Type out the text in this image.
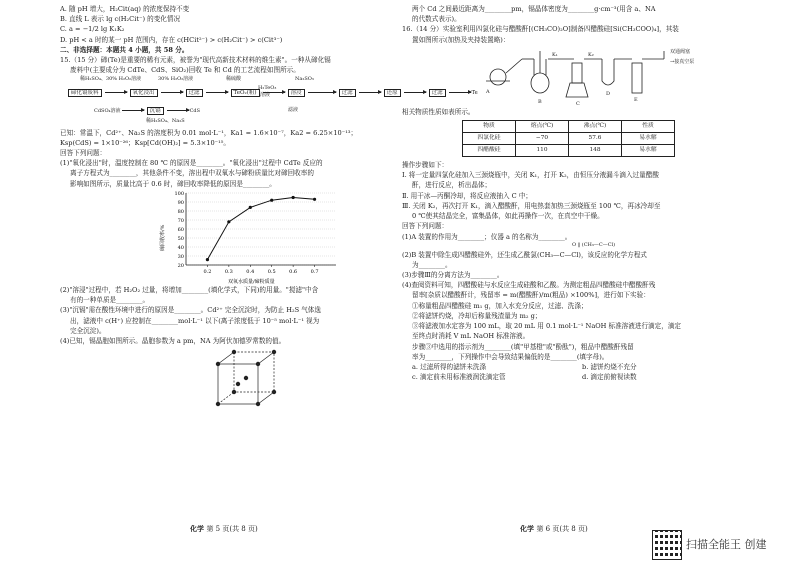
A. 随 pH 增大，H₂Cit(aq) 的浓度保持不变
B. 直线 L 表示 lg c(H₂Cit⁻) 的变化情况
C. a = −1/2 lg K₁K₂
D. pH < a 时的某一 pH 范围内，存在 c(HCit²⁻) > c(H₂Cit⁻) > c(Cit³⁻)
二、非选择题：本题共 4 小题，共 58 分。
15.（15 分）碲(Te)是重要的稀有元素，被誉为"现代高新技术材料的维生素"。一种从碲化镉
废料中(主要成分为 CdTe、CdS、SiO₂)回收 Te 和 Cd 的工艺流程如图所示。
稀H₂SO₄、30% H₂O₂溶液	30% H₂O₂溶液	稀硫酸	Na₂SO₃
H₂TeO₃
溶液
碲化镉废料	氧化浸出	过滤	TeO₂(粗)	溶浸	过滤	还原	过滤	Te
CdSO₄溶液	沉镉	CdS	滤液
稀H₂SO₄、Na₂S
已知：常温下，Cd²⁺、Na₂S 的溶度积为 0.01 mol·L⁻¹，Ka1 = 1.6×10⁻⁷，Ka2 = 6.25×10⁻¹³；
Ksp(CdS) = 1×10⁻²⁶；Ksp[Cd(OH)₂] = 5.3×10⁻¹⁵。
回答下列问题：
(1)"氧化浸出"时，温度控制在 80 ℃ 的原因是________。"氧化浸出"过程中 CdTe 反应的
离子方程式为________，其他条件不变，溶出程中双氧水与碲粉质量比对碲回收率的
影响如图所示，质量比高于 0.6 时，碲回收率降低的原因是________。
20
30
40
50
60
70
80
90
100
0.2	0.3	0.4	0.5	0.6	0.7
碲回收率/%
双氧水质量/碲粉质量
(2)"溶浸"过程中，若 H₂O₂ 过量，将增加________(填化学式，下同)的用量。"搅滤"中含
有的一种单质是________。
(3)"沉镉"需在酸性环境中进行的原因是________。Cd²⁺ 完全沉淀时，为防止 H₂S 气体逸
出，滤液中 c(H⁺) 应控制在________mol·L⁻¹ 以下(离子浓度低于 10⁻⁵ mol·L⁻¹ 视为
完全沉淀)。
(4)已知，镉晶胞如图所示。晶胞参数为 a pm，NA 为阿伏加德罗常数的值。
化学 第 5 页(共 8 页)
两个 Cd 之间最近距离为________pm，镉晶体密度为________g·cm⁻³(用含 a、NA
的代数式表示)。
16.（14 分）实验室利用四氯化硅与醋酸酐[(CH₃CO)₂O]制备四醋酸硅[Si(CH₃COO)₄]，其装
置如图所示(加热及夹持装置略)：
双通阀塞
→接真空泵
A
B	C
D
E
K₁	K₂
相关物质性质如表所示。
物质	熔点(℃)	沸点(℃)	性质
四氯化硅	−70	57.6	易水解
四醋酸硅	110	148	易水解
操作步骤如下：
Ⅰ. 将一定量四氯化硅加入三颈烧瓶中，关闭 K₁，打开 K₂，由恒压分液漏斗滴入过量醋酸
酐，进行反应，析出晶体；
Ⅱ. 用干冰—丙酮冷却，将反应液抽入 C 中；
Ⅲ. 关闭 K₂，再次打开 K₁，滴入醋酸酐，用电热套加热三颈烧瓶至 100 ℃，再冰冷却至
0 ℃使其结晶完全，富集晶体，如此再操作一次，在真空中干燥。
回答下列问题：
(1)A 装置的作用为________；仪器 a 的名称为________。
O ‖ (CH₃—C—Cl)
(2)B 装置中除生成四醋酸硅外，还生成乙酰氯(CH₃—C—Cl)，该反应的化学方程式
为________。
(3)步骤Ⅲ的分离方法为________。
(4)查阅资料可知，四醋酸硅与水反应生成硅酸和乙酸。为测定粗品四醋酸硅中醋酸酐残
留率[杂质以醋酸酐计，残留率 = m(醋酸酐)/m(粗品) ×100%]，进行如下实验：
①称量粗品四醋酸硅 m₁ g，加入水充分反应，过滤、洗涤；
②将滤饼灼烧，冷却后称量残渣量为 m₂ g；
③将滤液加水定容为 100 mL，取 20 mL 用 0.1 mol·L⁻¹ NaOH 标准溶液进行滴定，滴定
至终点时消耗 V mL NaOH 标准溶液。
步骤③中选用的指示剂为________(填"甲基橙"或"酚酞")，粗品中醋酸酐残留
率为________，下列操作中会导致结果偏低的是________(填字母)。
a. 过滤所得的滤饼未洗涤	b. 滤饼灼烧不充分
c. 滴定前未用标准液润洗滴定管	d. 滴定前俯视读数
化学 第 6 页(共 8 页)
扫描全能王 创建
